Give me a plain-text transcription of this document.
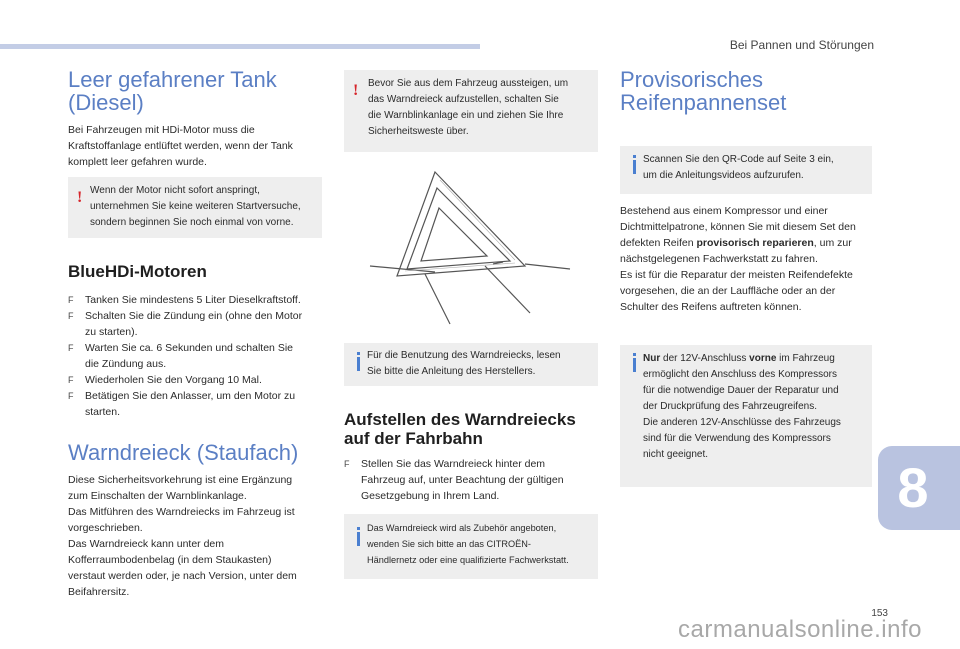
Bei Pannen und Störungen
Leer gefahrener Tank
(Diesel)

Bei Fahrzeugen mit HDi-Motor muss die
Kraftstoffanlage entlüftet werden, wenn der Tank
komplett leer gefahren wurde.

! Wenn der Motor nicht sofort anspringt,
unternehmen Sie keine weiteren Startversuche,
sondern beginnen Sie noch einmal von vorne.

BlueHDi-Motoren
F Tanken Sie mindestens 5 Liter Dieselkraftstoff.
F Schalten Sie die Zündung ein (ohne den Motor
zu starten).
F Warten Sie ca. 6 Sekunden und schalten Sie
die Zündung aus.
F Wiederholen Sie den Vorgang 10 Mal.
F Betätigen Sie den Anlasser, um den Motor zu
starten.
Warndreieck (Staufach)

Diese Sicherheitsvorkehrung ist eine Ergänzung
zum Einschalten der Warnblinkanlage.
Das Mitführen des Warndreiecks im Fahrzeug ist
vorgeschrieben.
Das Warndreieck kann unter dem
Kofferraumbodenbelag (in dem Staukasten)
verstaut werden oder, je nach Version, unter dem
Beifahrersitz.

! Bevor Sie aus dem Fahrzeug aussteigen, um
das Warndreieck aufzustellen, schalten Sie
die Warnblinkanlage ein und ziehen Sie Ihre
Sicherheitsweste über.

Für die Benutzung des Warndreiecks, lesen
Sie bitte die Anleitung des Herstellers.

Aufstellen des Warndreiecks
auf der Fahrbahn
F Stellen Sie das Warndreieck hinter dem
Fahrzeug auf, unter Beachtung der gültigen
Gesetzgebung in Ihrem Land.

Das Warndreieck wird als Zubehör angeboten,
wenden Sie sich bitte an das CITROËN-
Händlernetz oder eine qualifizierte Fachwerkstatt.

Provisorisches
Reifenpannenset

Scannen Sie den QR-Code auf Seite 3 ein,
um die Anleitungsvideos aufzurufen.

Bestehend aus einem Kompressor und einer
Dichtmittelpatrone, können Sie mit diesem Set den
defekten Reifen provisorisch reparieren, um zur
nächstgelegenen Fachwerkstatt zu fahren.
Es ist für die Reparatur der meisten Reifendefekte
vorgesehen, die an der Lauffläche oder an der
Schulter des Reifens auftreten können.

Nur der 12V-Anschluss vorne im Fahrzeug
ermöglicht den Anschluss des Kompressors
für die notwendige Dauer der Reparatur und
der Druckprüfung des Fahrzeugreifens.
Die anderen 12V-Anschlüsse des Fahrzeugs
sind für die Verwendung des Kompressors
nicht geeignet.

8
153
carmanualsonline.info
